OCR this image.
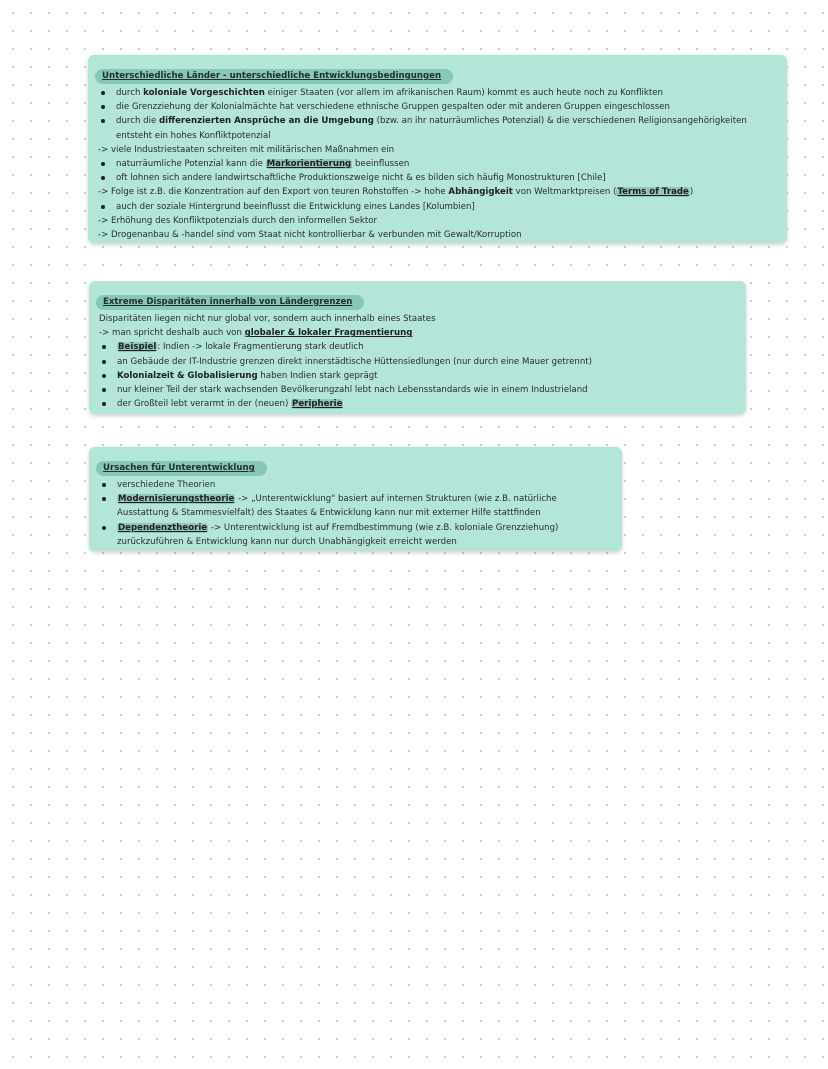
Unterschiedliche Länder - unterschiedliche Entwicklungsbedingungen
durch koloniale Vorgeschichten einiger Staaten (vor allem im afrikanischen Raum) kommt es auch heute noch zu Konflikten
die Grenzziehung der Kolonialmächte hat verschiedene ethnische Gruppen gespalten oder mit anderen Gruppen eingeschlossen
durch die differenzierten Ansprüche an die Umgebung (bzw. an ihr naturräumliches Potenzial) & die verschiedenen Religionsangehörigkeiten
entsteht ein hohes Konfliktpotenzial
-> viele Industriestaaten schreiten mit militärischen Maßnahmen ein
naturräumliche Potenzial kann die Markorientierung beeinflussen
oft lohnen sich andere landwirtschaftliche Produktionszweige nicht & es bilden sich häufig Monostrukturen [Chile]
-> Folge ist z.B. die Konzentration auf den Export von teuren Rohstoffen -> hohe Abhängigkeit von Weltmarktpreisen (Terms of Trade)
auch der soziale Hintergrund beeinflusst die Entwicklung eines Landes [Kolumbien]
-> Erhöhung des Konfliktpotenzials durch den informellen Sektor
-> Drogenanbau & -handel sind vom Staat nicht kontrollierbar & verbunden mit Gewalt/Korruption
Extreme Disparitäten innerhalb von Ländergrenzen
Disparitäten liegen nicht nur global vor, sondern auch innerhalb eines Staates
-> man spricht deshalb auch von globaler & lokaler Fragmentierung
Beispiel: Indien -> lokale Fragmentierung stark deutlich
an Gebäude der IT-Industrie grenzen direkt innerstädtische Hüttensiedlungen (nur durch eine Mauer getrennt)
Kolonialzeit & Globalisierung haben Indien stark geprägt
nur kleiner Teil der stark wachsenden Bevölkerungzahl lebt nach Lebensstandards wie in einem Industrieland
der Großteil lebt verarmt in der (neuen) Peripherie
Ursachen für Unterentwicklung
verschiedene Theorien
Modernisierungstheorie -> „Unterentwicklung" basiert auf internen Strukturen (wie z.B. natürliche
Ausstattung & Stammesvielfalt) des Staates & Entwicklung kann nur mit externer Hilfe stattfinden
Dependenztheorie -> Unterentwicklung ist auf Fremdbestimmung (wie z.B. koloniale Grenzziehung)
zurückzuführen & Entwicklung kann nur durch Unabhängigkeit erreicht werden
